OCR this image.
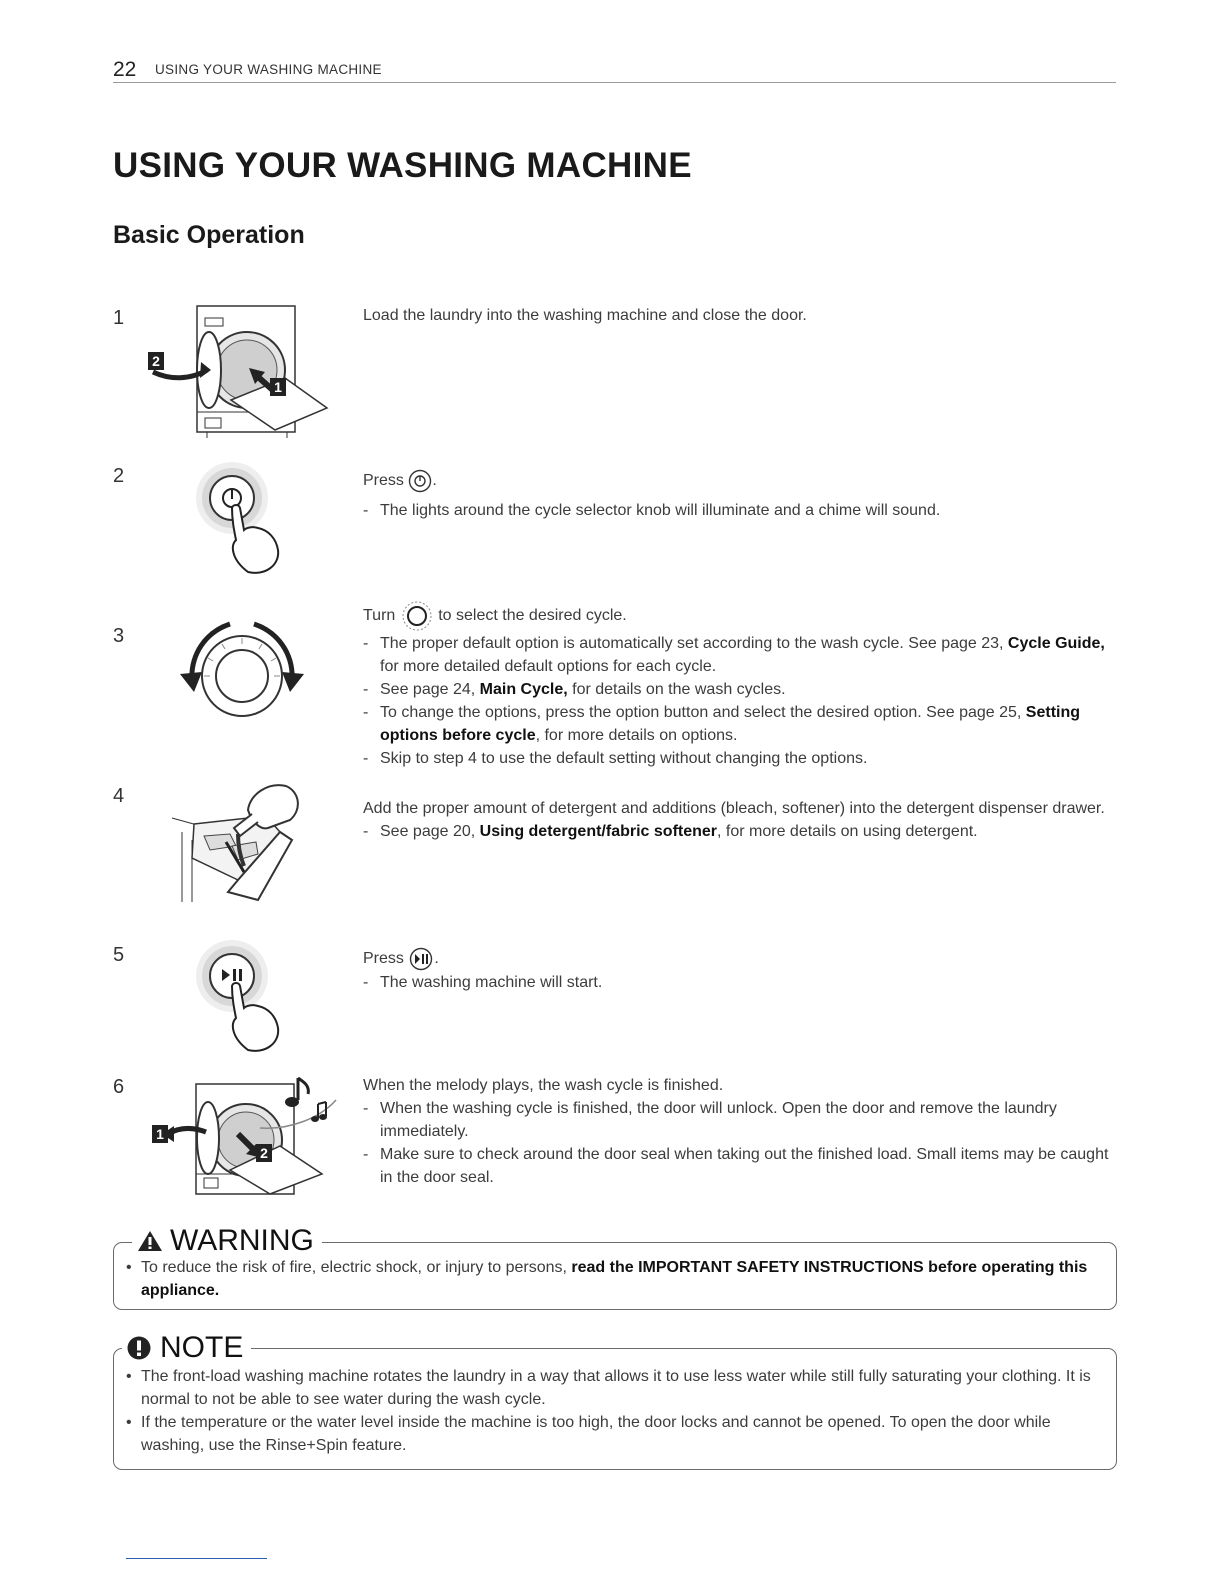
22 USING YOUR WASHING MACHINE
USING YOUR WASHING MACHINE
Basic Operation
1
2
1

Load the laundry into the washing machine and close the door.

2	Press .

- The lights around the cycle selector knob will illuminate and a chime will sound.

3

Turn  to select the desired cycle.

- The proper default option is automatically set according to the wash cycle. See page 23, Cycle Guide, for more detailed default options for each cycle.

- See page 24, Main Cycle, for details on the wash cycles.

- To change the options, press the option button and select the desired option. See page 25, Setting options before cycle, for more details on options.

- Skip to step 4 to use the default setting without changing the options.

4

Add the proper amount of detergent and additions (bleach, softener) into the detergent dispenser drawer.

- See page 20, Using detergent/fabric softener, for more details on using detergent.

5	Press .

- The washing machine will start.

6
1
2

When the melody plays, the wash cycle is finished.

- When the washing cycle is finished, the door will unlock. Open the door and remove the laundry immediately.

- Make sure to check around the door seal when taking out the finished load. Small items may be caught in the door seal.

WARNING

• To reduce the risk of fire, electric shock, or injury to persons, read the IMPORTANT SAFETY INSTRUCTIONS before operating this appliance.

NOTE

• The front-load washing machine rotates the laundry in a way that allows it to use less water while still fully saturating your clothing. It is normal to not be able to see water during the wash cycle.

• If the temperature or the water level inside the machine is too high, the door locks and cannot be opened. To open the door while washing, use the Rinse+Spin feature.
